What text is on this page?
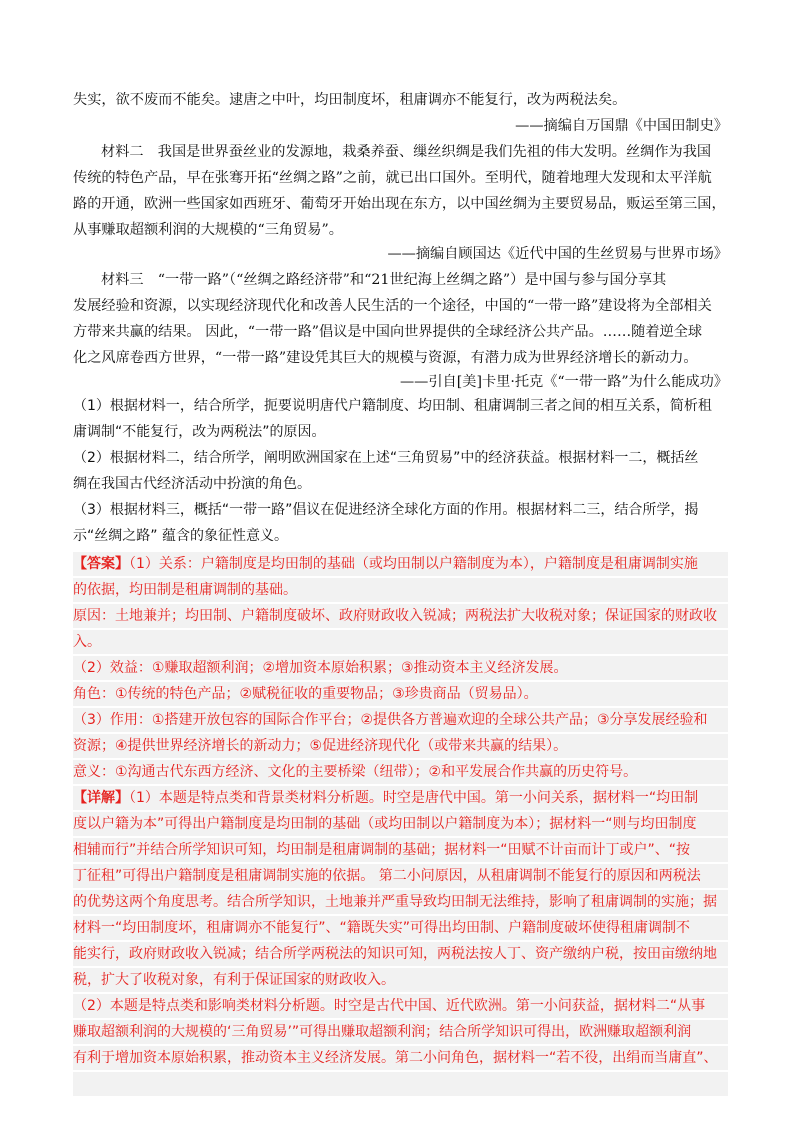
失实，欲不废而不能矣。逮唐之中叶，均田制度坏，租庸调亦不能复行，改为两税法矣。
——摘编自万国鼎《中国田制史》
材料二　我国是世界蚕丝业的发源地，栽桑养蚕、缫丝织绸是我们先祖的伟大发明。丝绸作为我国
传统的特色产品，早在张骞开拓“丝绸之路”之前，就已出口国外。至明代，随着地理大发现和太平洋航
路的开通，欧洲一些国家如西班牙、葡萄牙开始出现在东方，以中国丝绸为主要贸易品，贩运至第三国，
从事赚取超额利润的大规模的“三角贸易”。
——摘编自顾国达《近代中国的生丝贸易与世界市场》
材料三　“一带一路”（“丝绸之路经济带”和“21世纪海上丝绸之路”）是中国与参与国分享其
发展经验和资源，以实现经济现代化和改善人民生活的一个途径，中国的“一带一路”建设将为全部相关
方带来共赢的结果。 因此，“一带一路”倡议是中国向世界提供的全球经济公共产品。……随着逆全球
化之风席卷西方世界，“一带一路”建设凭其巨大的规模与资源，有潜力成为世界经济增长的新动力。
——引自[美]卡里·托克《“一带一路”为什么能成功》
（1）根据材料一，结合所学，扼要说明唐代户籍制度、均田制、租庸调制三者之间的相互关系，简析租
庸调制“不能复行，改为两税法”的原因。
（2）根据材料二，结合所学，阐明欧洲国家在上述“三角贸易”中的经济获益。根据材料一二，概括丝
绸在我国古代经济活动中扮演的角色。
（3）根据材料三，概括“一带一路”倡议在促进经济全球化方面的作用。根据材料二三，结合所学，揭
示“丝绸之路” 蕴含的象征性意义。
【答案】（1）关系：户籍制度是均田制的基础（或均田制以户籍制度为本），户籍制度是租庸调制实施
的依据，均田制是租庸调制的基础。
原因：土地兼并；均田制、户籍制度破坏、政府财政收入锐减；两税法扩大收税对象；保证国家的财政收
入。
（2）效益：①赚取超额利润；②增加资本原始积累；③推动资本主义经济发展。
角色：①传统的特色产品；②赋税征收的重要物品；③珍贵商品（贸易品）。
（3）作用：①搭建开放包容的国际合作平台；②提供各方普遍欢迎的全球公共产品；③分享发展经验和
资源；④提供世界经济增长的新动力；⑤促进经济现代化（或带来共赢的结果）。
意义：①沟通古代东西方经济、文化的主要桥梁（纽带）；②和平发展合作共赢的历史符号。
【详解】（1）本题是特点类和背景类材料分析题。时空是唐代中国。第一小问关系，据材料一“均田制
度以户籍为本”可得出户籍制度是均田制的基础（或均田制以户籍制度为本）；据材料一“则与均田制度
相辅而行”并结合所学知识可知，均田制是租庸调制的基础；据材料一“田赋不计亩而计丁或户”、“按
丁征租”可得出户籍制度是租庸调制实施的依据。 第二小问原因，从租庸调制不能复行的原因和两税法
的优势这两个角度思考。结合所学知识，土地兼并严重导致均田制无法维持，影响了租庸调制的实施；据
材料一“均田制度坏，租庸调亦不能复行”、“籍既失实”可得出均田制、户籍制度破坏使得租庸调制不
能实行，政府财政收入锐减；结合所学两税法的知识可知，两税法按人丁、资产缴纳户税，按田亩缴纳地
税，扩大了收税对象，有利于保证国家的财政收入。
（2）本题是特点类和影响类材料分析题。时空是古代中国、近代欧洲。第一小问获益，据材料二“从事
赚取超额利润的大规模的‘三角贸易’”可得出赚取超额利润；结合所学知识可得出，欧洲赚取超额利润
有利于增加资本原始积累，推动资本主义经济发展。第二小问角色，据材料一“若不役，出绢而当庸直”、
